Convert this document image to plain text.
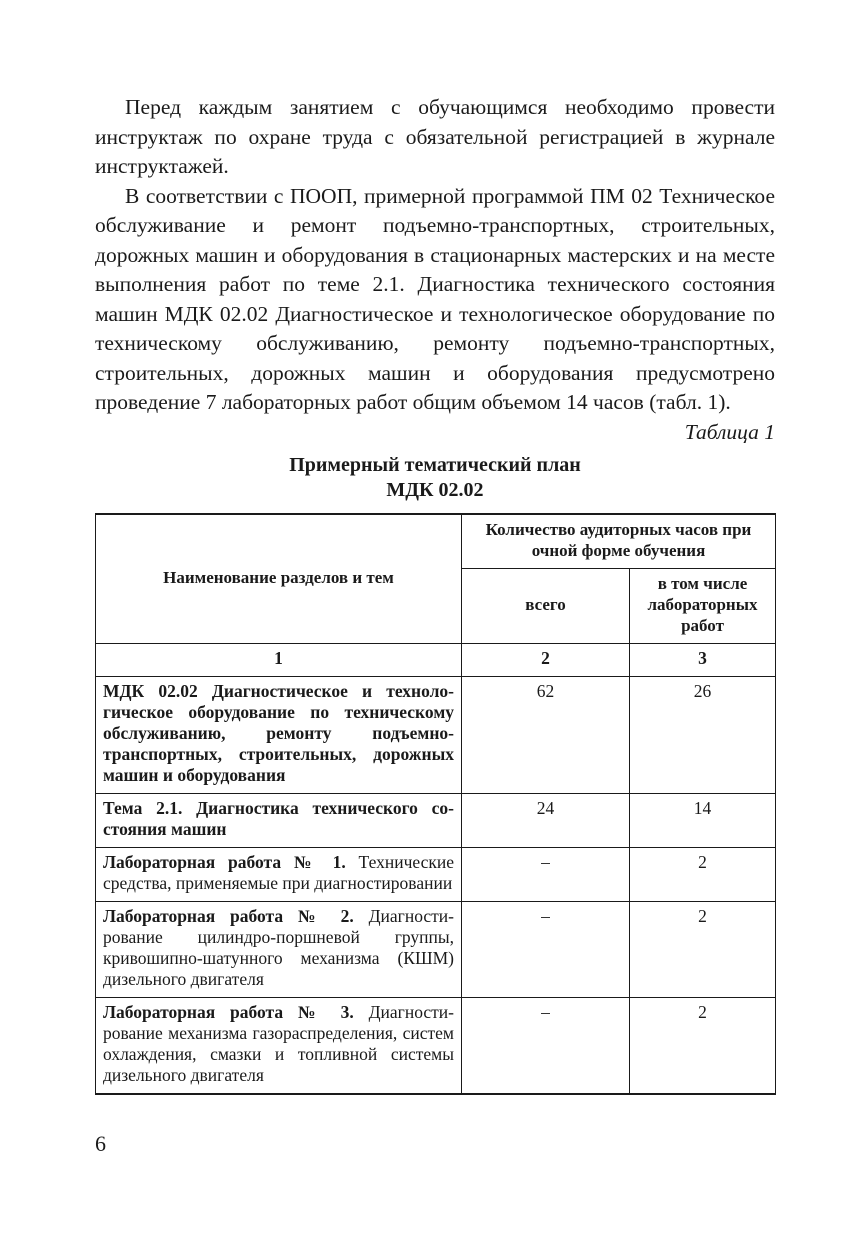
Перед каждым занятием с обучающимся необходимо провести инструктаж по охране труда с обязательной регистрацией в журнале инструктажей.

В соответствии с ПООП, примерной программой ПМ 02 Техническое обслуживание и ремонт подъемно-транспортных, строительных, дорожных машин и оборудования в стационарных мастерских и на месте выполнения работ по теме 2.1. Диагностика технического состояния машин МДК 02.02 Диагностическое и технологическое оборудование по техническому обслуживанию, ремонту подъемно-транспортных, строительных, дорожных машин и оборудования предусмотрено проведение 7 лабораторных работ общим объемом 14 часов (табл. 1).

Таблица 1

Примерный тематический план
МДК 02.02
Наименование разделов и тем	Количество аудиторных часов при очной форме обучения	
	всего	в том числе лабораторных работ
1	2	3
МДК 02.02 Диагностическое и технологическое оборудование по техническому обслуживанию, ремонту подъемно-транспортных, строительных, дорожных машин и оборудования	62	26
Тема 2.1. Диагностика технического состояния машин	24	14
Лабораторная работа № 1. Технические средства, применяемые при диагностировании	–	2
Лабораторная работа № 2. Диагностирование цилиндро-поршневой группы, кривошипно-шатунного механизма (КШМ) дизельного двигателя	–	2
Лабораторная работа № 3. Диагностирование механизма газораспределения, систем охлаждения, смазки и топливной системы дизельного двигателя	–	2
6
